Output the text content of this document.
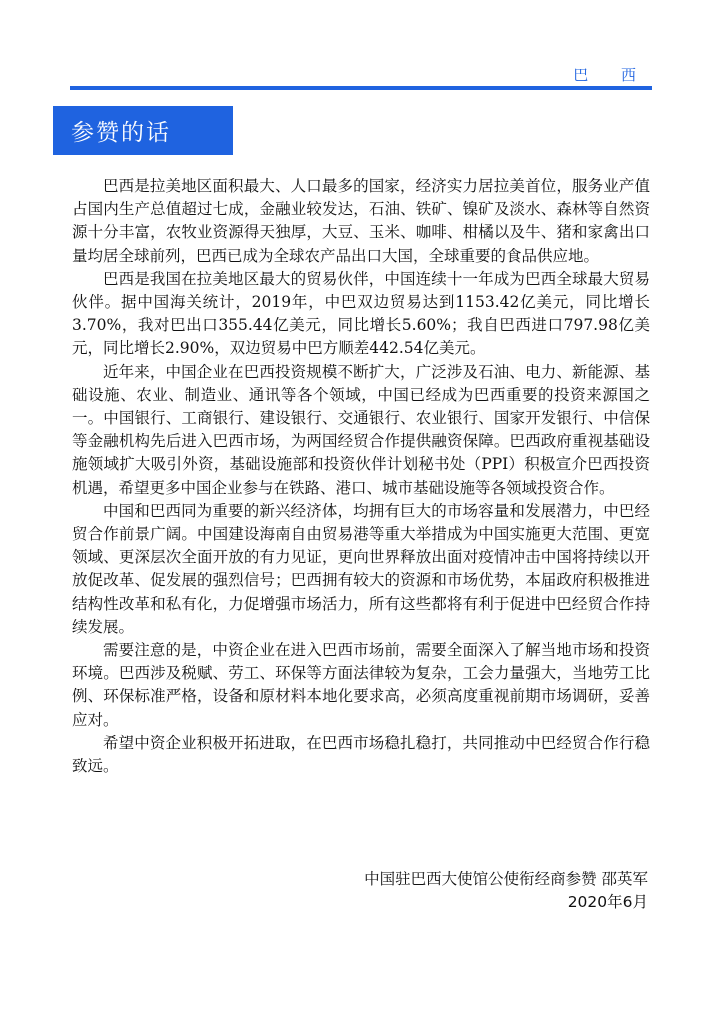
巴 西
参赞的话

巴西是拉美地区面积最大、人口最多的国家，经济实力居拉美首位，服务业产值占国内生产总值超过七成，金融业较发达，石油、铁矿、镍矿及淡水、森林等自然资源十分丰富，农牧业资源得天独厚，大豆、玉米、咖啡、柑橘以及牛、猪和家禽出口量均居全球前列，巴西已成为全球农产品出口大国，全球重要的食品供应地。

巴西是我国在拉美地区最大的贸易伙伴，中国连续十一年成为巴西全球最大贸易伙伴。据中国海关统计，2019年，中巴双边贸易达到1153.42亿美元，同比增长3.70%，我对巴出口355.44亿美元，同比增长5.60%；我自巴西进口797.98亿美元，同比增长2.90%，双边贸易中巴方顺差442.54亿美元。

近年来，中国企业在巴西投资规模不断扩大，广泛涉及石油、电力、新能源、基础设施、农业、制造业、通讯等各个领域，中国已经成为巴西重要的投资来源国之一。中国银行、工商银行、建设银行、交通银行、农业银行、国家开发银行、中信保等金融机构先后进入巴西市场，为两国经贸合作提供融资保障。巴西政府重视基础设施领域扩大吸引外资，基础设施部和投资伙伴计划秘书处（PPI）积极宣介巴西投资机遇，希望更多中国企业参与在铁路、港口、城市基础设施等各领域投资合作。

中国和巴西同为重要的新兴经济体，均拥有巨大的市场容量和发展潜力，中巴经贸合作前景广阔。中国建设海南自由贸易港等重大举措成为中国实施更大范围、更宽领域、更深层次全面开放的有力见证，更向世界释放出面对疫情冲击中国将持续以开放促改革、促发展的强烈信号；巴西拥有较大的资源和市场优势，本届政府积极推进结构性改革和私有化，力促增强市场活力，所有这些都将有利于促进中巴经贸合作持续发展。

需要注意的是，中资企业在进入巴西市场前，需要全面深入了解当地市场和投资环境。巴西涉及税赋、劳工、环保等方面法律较为复杂，工会力量强大，当地劳工比例、环保标准严格，设备和原材料本地化要求高，必须高度重视前期市场调研，妥善应对。

希望中资企业积极开拓进取，在巴西市场稳扎稳打，共同推动中巴经贸合作行稳致远。

中国驻巴西大使馆公使衔经商参赞 邵英军
2020年6月
